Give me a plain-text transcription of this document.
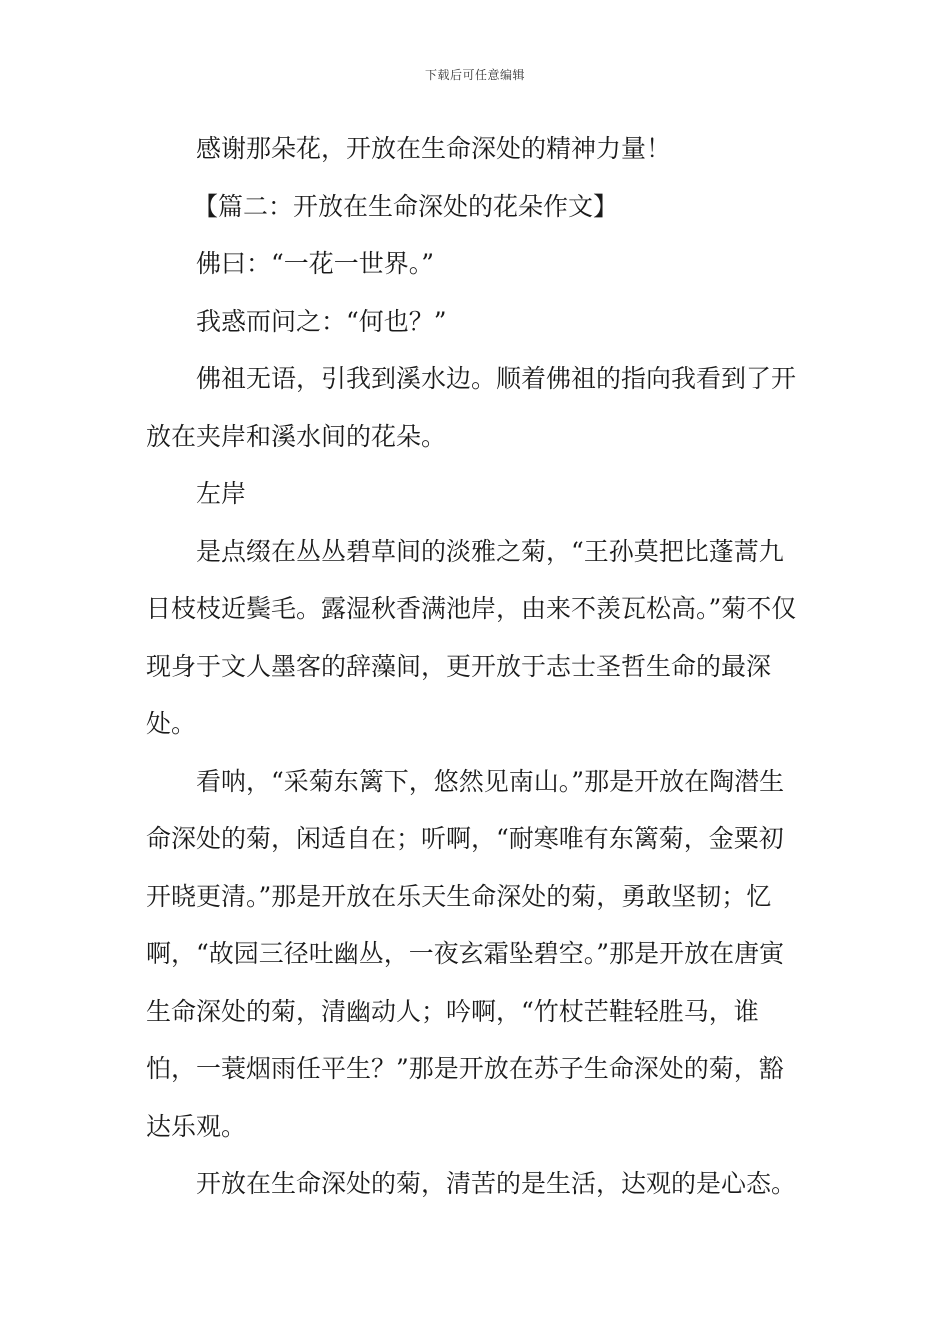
下载后可任意编辑

感谢那朵花，开放在生命深处的精神力量！

【篇二：开放在生命深处的花朵作文】

佛曰：“一花一世界。”

我惑而问之：“何也？”

佛祖无语，引我到溪水边。顺着佛祖的指向我看到了开放在夹岸和溪水间的花朵。

左岸

是点缀在丛丛碧草间的淡雅之菊，“王孙莫把比蓬蒿九日枝枝近鬓毛。露湿秋香满池岸，由来不羡瓦松高。”菊不仅现身于文人墨客的辞藻间，更开放于志士圣哲生命的最深处。

看呐，“采菊东篱下，悠然见南山。”那是开放在陶潜生命深处的菊，闲适自在；听啊，“耐寒唯有东篱菊，金粟初开晓更清。”那是开放在乐天生命深处的菊，勇敢坚韧；忆啊，“故园三径吐幽丛，一夜玄霜坠碧空。”那是开放在唐寅生命深处的菊，清幽动人；吟啊，“竹杖芒鞋轻胜马，谁怕，一蓑烟雨任平生？”那是开放在苏子生命深处的菊，豁达乐观。

开放在生命深处的菊，清苦的是生活，达观的是心态。
